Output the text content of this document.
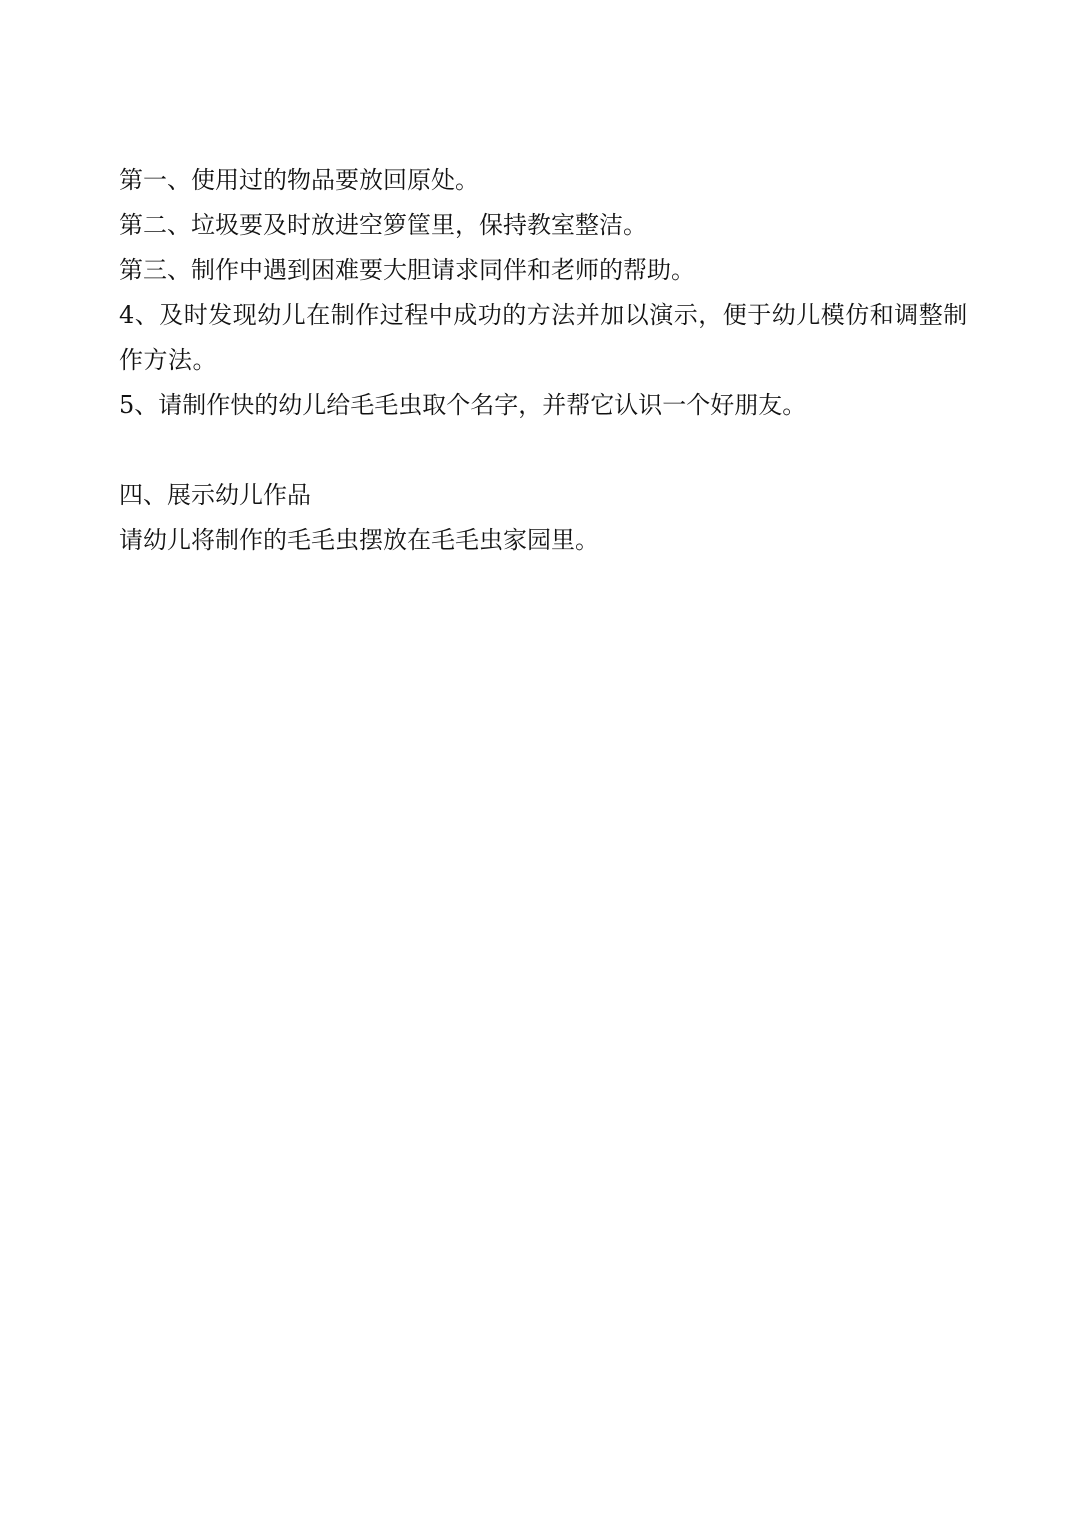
第一、使用过的物品要放回原处。

第二、垃圾要及时放进空箩筐里，保持教室整洁。

第三、制作中遇到困难要大胆请求同伴和老师的帮助。

4、及时发现幼儿在制作过程中成功的方法并加以演示，便于幼儿模仿和调整制作方法。

5、请制作快的幼儿给毛毛虫取个名字，并帮它认识一个好朋友。

四、展示幼儿作品

请幼儿将制作的毛毛虫摆放在毛毛虫家园里。
